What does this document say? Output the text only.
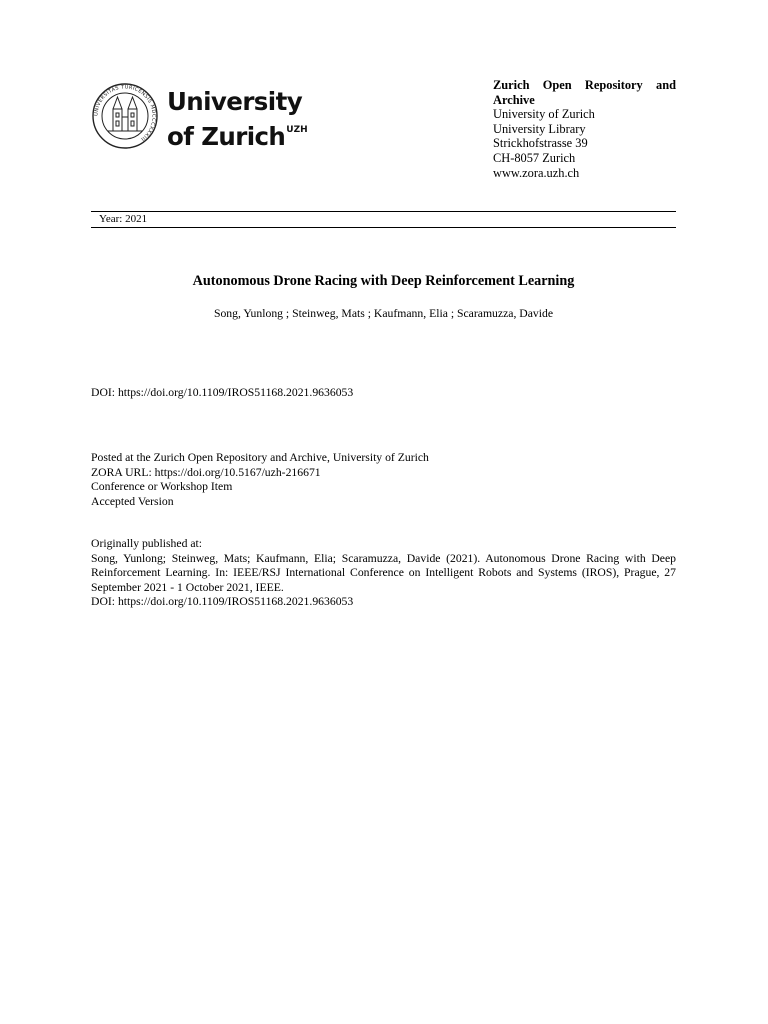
UNIVERSITAS TURICENSIS MDCCCXXXIII
University of Zurich$^{UZH}$
Zurich Open Repository and Archive
University of Zurich
University Library
Strickhofstrasse 39
CH-8057 Zurich
www.zora.uzh.ch
Year: 2021
Autonomous Drone Racing with Deep Reinforcement Learning
Song, Yunlong ; Steinweg, Mats ; Kaufmann, Elia ; Scaramuzza, Davide
DOI: https://doi.org/10.1109/IROS51168.2021.9636053
Posted at the Zurich Open Repository and Archive, University of Zurich
ZORA URL: https://doi.org/10.5167/uzh-216671
Conference or Workshop Item
Accepted Version
Originally published at:
Song, Yunlong; Steinweg, Mats; Kaufmann, Elia; Scaramuzza, Davide (2021). Autonomous Drone Racing with Deep Reinforcement Learning. In: IEEE/RSJ International Conference on Intelligent Robots and Systems (IROS), Prague, 27 September 2021 - 1 October 2021, IEEE.
DOI: https://doi.org/10.1109/IROS51168.2021.9636053
